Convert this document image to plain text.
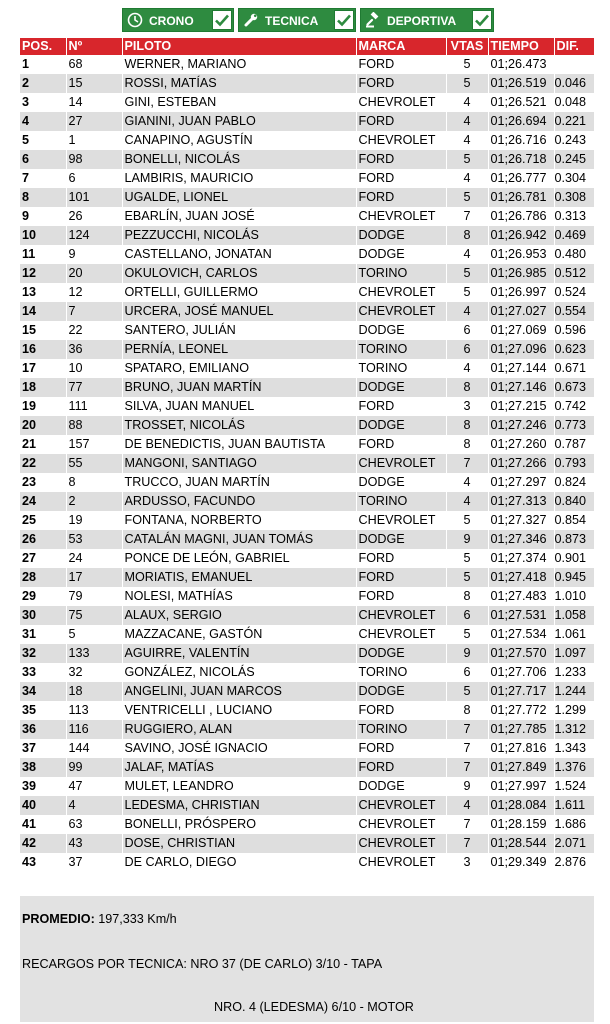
CRONO	TECNICA	DEPORTIVA
POS.	Nº	PILOTO	MARCA	VTAS	TIEMPO	DIF.
1	68	WERNER, MARIANO	FORD	5	01;26.473	
2	15	ROSSI, MATÍAS	FORD	5	01;26.519	0.046
3	14	GINI, ESTEBAN	CHEVROLET	4	01;26.521	0.048
4	27	GIANINI, JUAN PABLO	FORD	4	01;26.694	0.221
5	1	CANAPINO, AGUSTÍN	CHEVROLET	4	01;26.716	0.243
6	98	BONELLI, NICOLÁS	FORD	5	01;26.718	0.245
7	6	LAMBIRIS, MAURICIO	FORD	4	01;26.777	0.304
8	101	UGALDE, LIONEL	FORD	5	01;26.781	0.308
9	26	EBARLÍN, JUAN JOSÉ	CHEVROLET	7	01;26.786	0.313
10	124	PEZZUCCHI, NICOLÁS	DODGE	8	01;26.942	0.469
11	9	CASTELLANO, JONATAN	DODGE	4	01;26.953	0.480
12	20	OKULOVICH, CARLOS	TORINO	5	01;26.985	0.512
13	12	ORTELLI, GUILLERMO	CHEVROLET	5	01;26.997	0.524
14	7	URCERA, JOSÉ MANUEL	CHEVROLET	4	01;27.027	0.554
15	22	SANTERO, JULIÁN	DODGE	6	01;27.069	0.596
16	36	PERNÍA, LEONEL	TORINO	6	01;27.096	0.623
17	10	SPATARO, EMILIANO	TORINO	4	01;27.144	0.671
18	77	BRUNO, JUAN MARTÍN	DODGE	8	01;27.146	0.673
19	111	SILVA, JUAN MANUEL	FORD	3	01;27.215	0.742
20	88	TROSSET, NICOLÁS	DODGE	8	01;27.246	0.773
21	157	DE BENEDICTIS, JUAN BAUTISTA	FORD	8	01;27.260	0.787
22	55	MANGONI, SANTIAGO	CHEVROLET	7	01;27.266	0.793
23	8	TRUCCO, JUAN MARTÍN	DODGE	4	01;27.297	0.824
24	2	ARDUSSO, FACUNDO	TORINO	4	01;27.313	0.840
25	19	FONTANA, NORBERTO	CHEVROLET	5	01;27.327	0.854
26	53	CATALÁN MAGNI, JUAN TOMÁS	DODGE	9	01;27.346	0.873
27	24	PONCE DE LEÓN, GABRIEL	FORD	5	01;27.374	0.901
28	17	MORIATIS, EMANUEL	FORD	5	01;27.418	0.945
29	79	NOLESI, MATHÍAS	FORD	8	01;27.483	1.010
30	75	ALAUX, SERGIO	CHEVROLET	6	01;27.531	1.058
31	5	MAZZACANE, GASTÓN	CHEVROLET	5	01;27.534	1.061
32	133	AGUIRRE, VALENTÍN	DODGE	9	01;27.570	1.097
33	32	GONZÁLEZ, NICOLÁS	TORINO	6	01;27.706	1.233
34	18	ANGELINI, JUAN MARCOS	DODGE	5	01;27.717	1.244
35	113	VENTRICELLI , LUCIANO	FORD	8	01;27.772	1.299
36	116	RUGGIERO, ALAN	TORINO	7	01;27.785	1.312
37	144	SAVINO, JOSÉ IGNACIO	FORD	7	01;27.816	1.343
38	99	JALAF, MATÍAS	FORD	7	01;27.849	1.376
39	47	MULET, LEANDRO	DODGE	9	01;27.997	1.524
40	4	LEDESMA, CHRISTIAN	CHEVROLET	4	01;28.084	1.611
41	63	BONELLI, PRÓSPERO	CHEVROLET	7	01;28.159	1.686
42	43	DOSE, CHRISTIAN	CHEVROLET	7	01;28.544	2.071
43	37	DE CARLO, DIEGO	CHEVROLET	3	01;29.349	2.876
PROMEDIO: 197,333 Km/h
RECARGOS POR TECNICA: NRO 37 (DE CARLO) 3/10 - TAPA
NRO. 4 (LEDESMA) 6/10 - MOTOR
